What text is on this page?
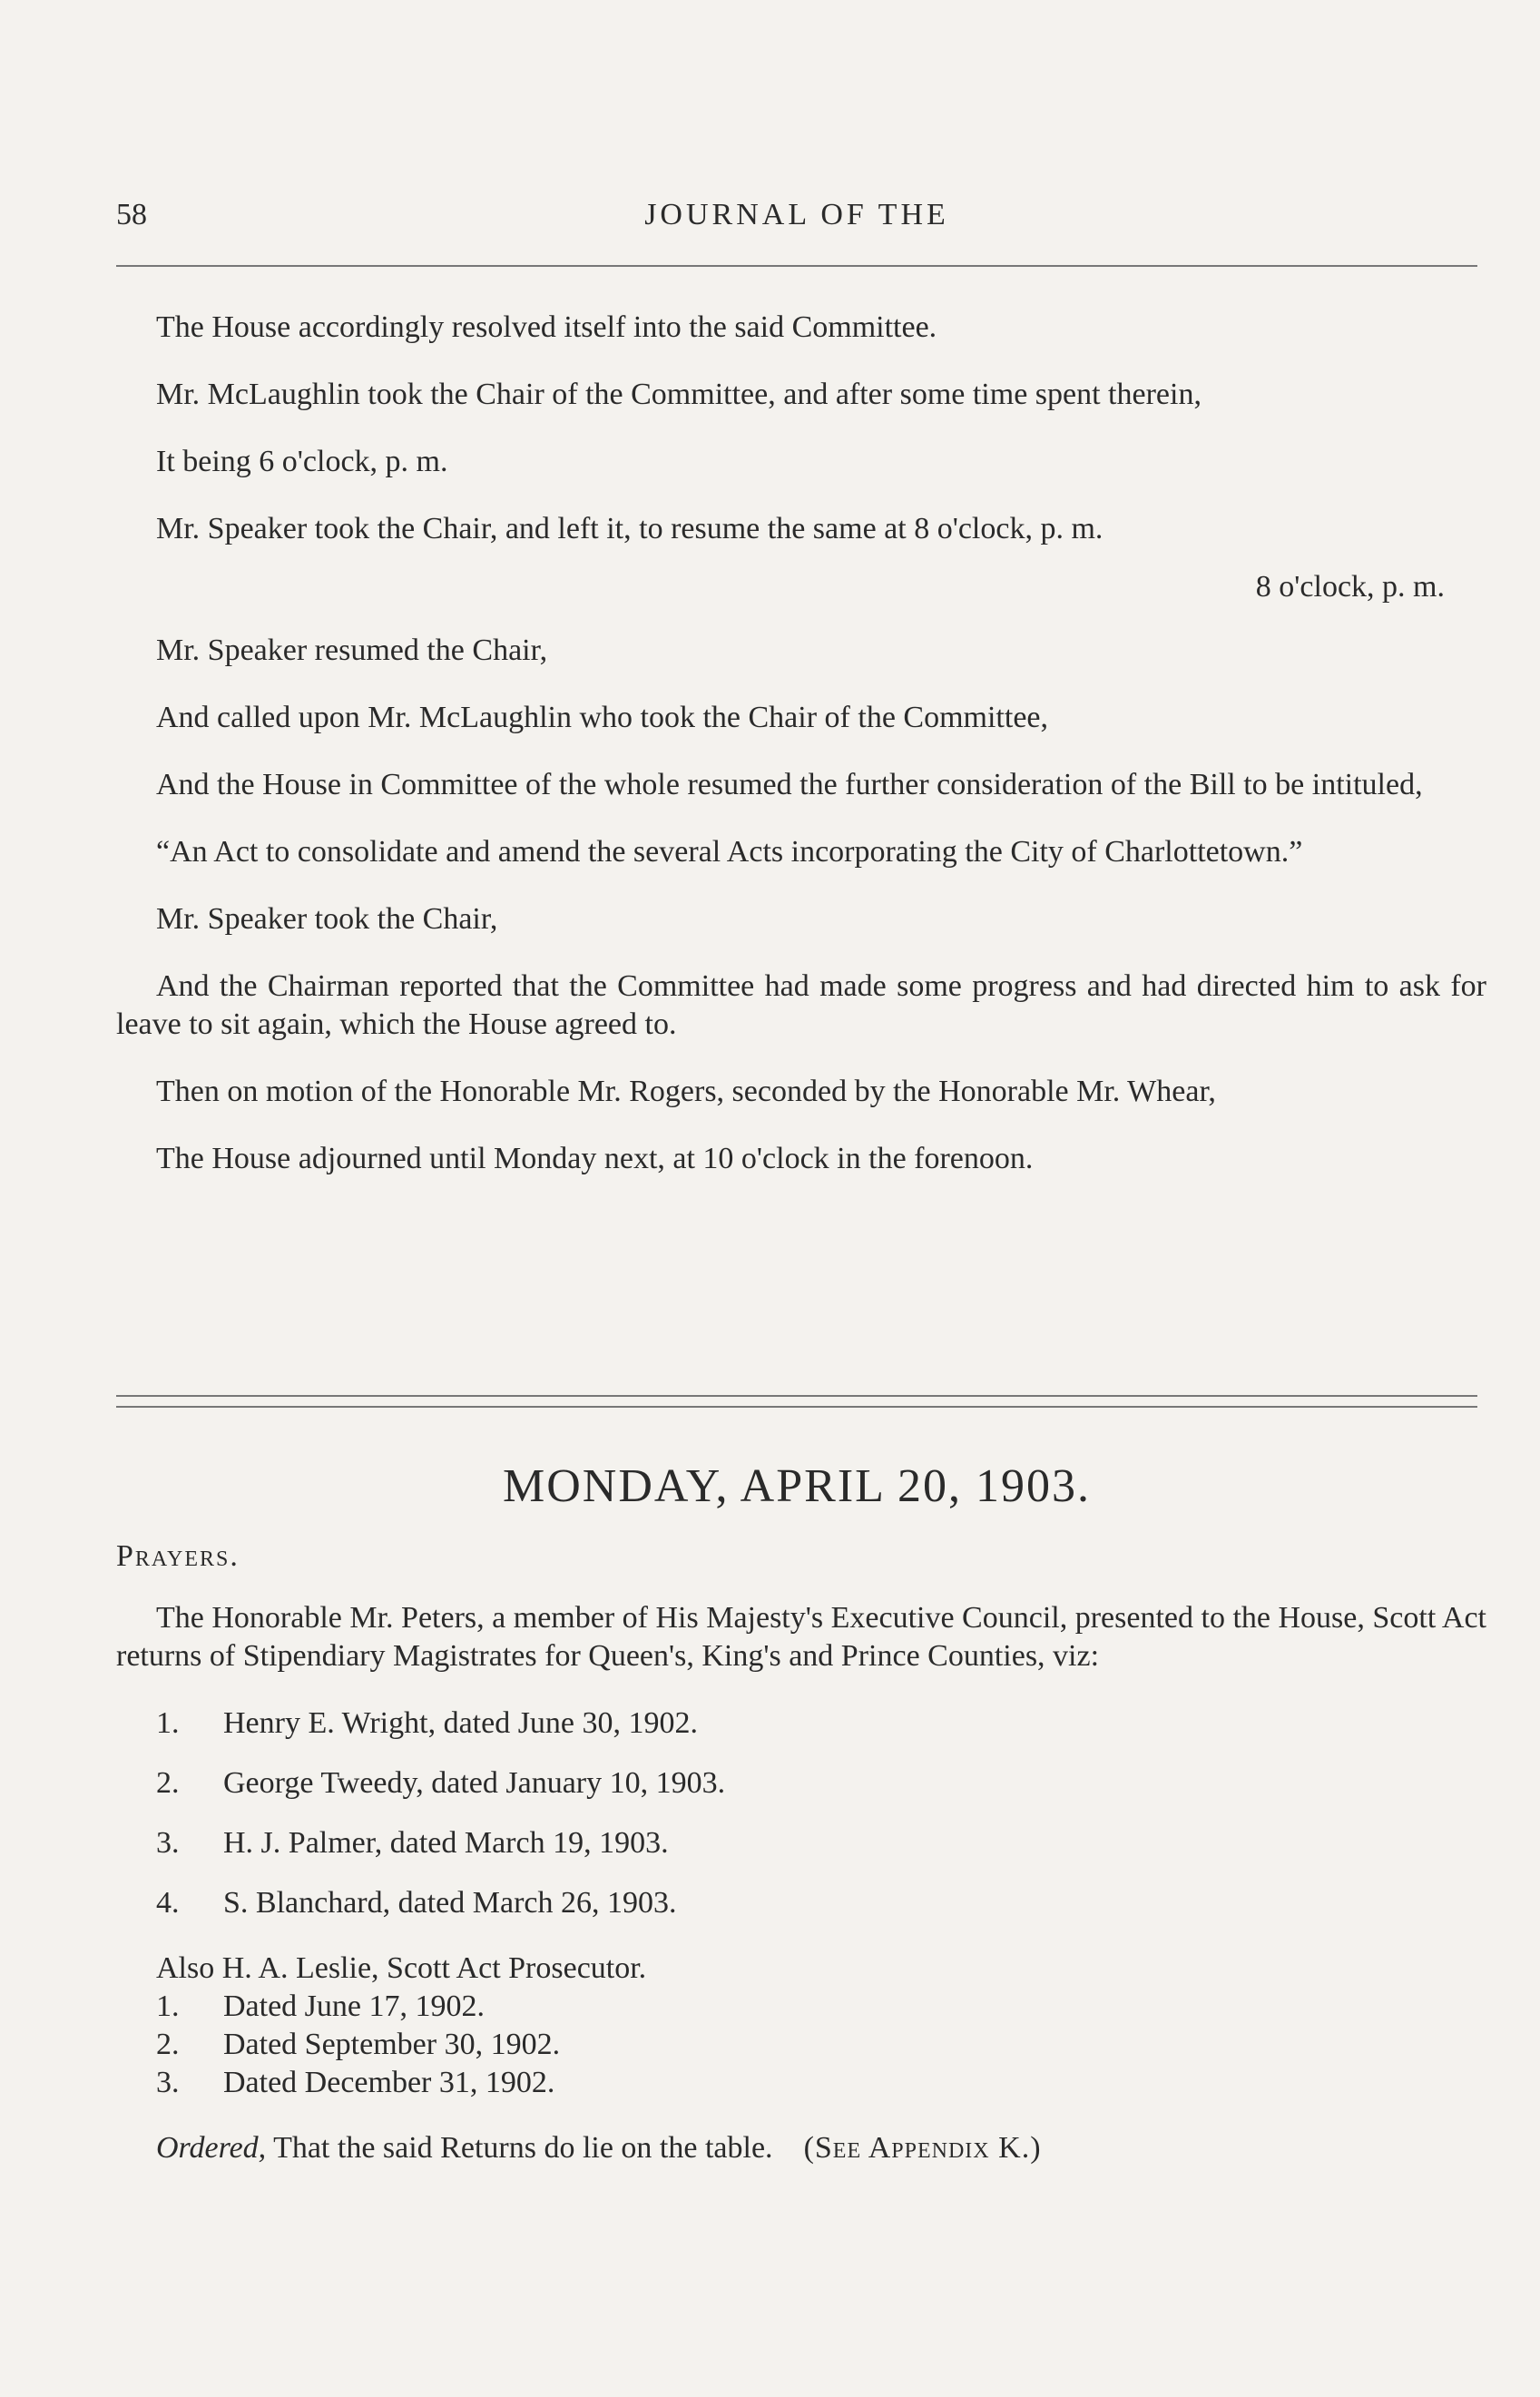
58	JOURNAL OF THE

The House accordingly resolved itself into the said Committee.

Mr. McLaughlin took the Chair of the Committee, and after some time spent therein,

It being 6 o'clock, p. m.

Mr. Speaker took the Chair, and left it, to resume the same at 8 o'clock, p. m.

8 o'clock, p. m.

Mr. Speaker resumed the Chair,

And called upon Mr. McLaughlin who took the Chair of the Committee,

And the House in Committee of the whole resumed the further consideration of the Bill to be intituled,

“An Act to consolidate and amend the several Acts incorporating the City of Charlottetown.”

Mr. Speaker took the Chair,

And the Chairman reported that the Committee had made some progress and had directed him to ask for leave to sit again, which the House agreed to.

Then on motion of the Honorable Mr. Rogers, seconded by the Honorable Mr. Whear,

The House adjourned until Monday next, at 10 o'clock in the forenoon.

MONDAY, APRIL 20, 1903.

Prayers.

The Honorable Mr. Peters, a member of His Majesty's Executive Council, presented to the House, Scott Act returns of Stipendiary Magistrates for Queen's, King's and Prince Counties, viz:

1.	Henry E. Wright, dated June 30, 1902.
2.	George Tweedy, dated January 10, 1903.
3.	H. J. Palmer, dated March 19, 1903.
4.	S. Blanchard, dated March 26, 1903.

Also H. A. Leslie, Scott Act Prosecutor.

1.	Dated June 17, 1902.
2.	Dated September 30, 1902.
3.	Dated December 31, 1902.

Ordered, That the said Returns do lie on the table. (See Appendix K.)
